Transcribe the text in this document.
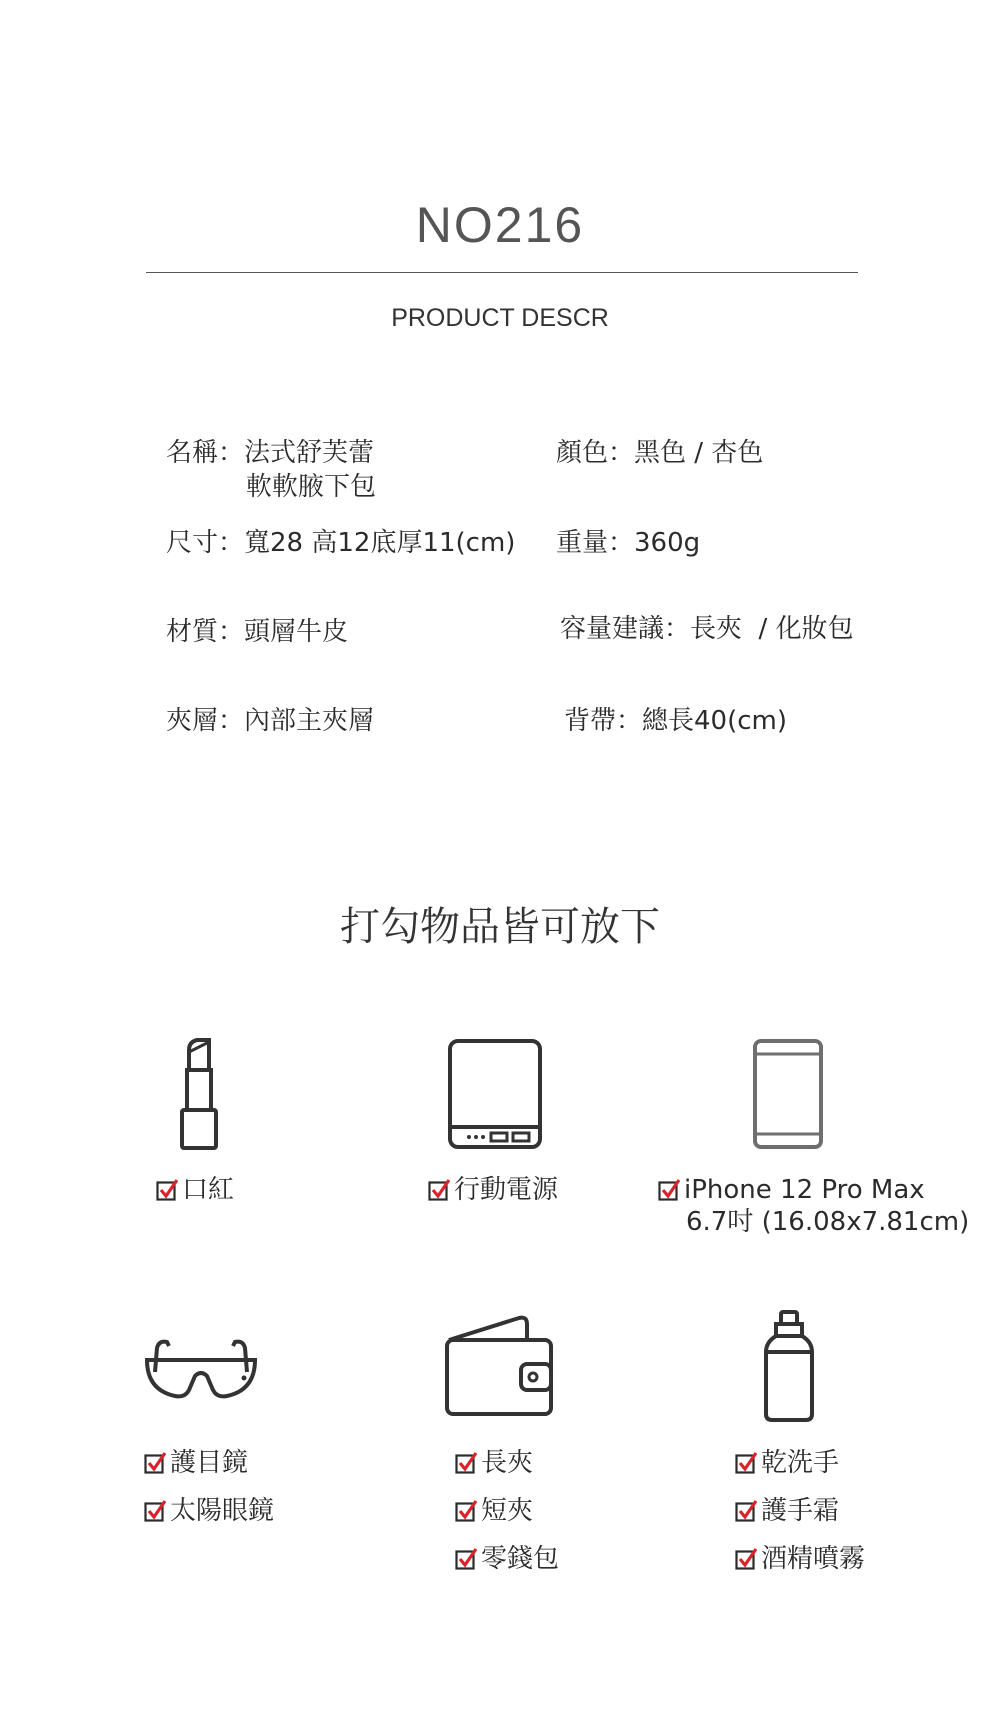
NO216
PRODUCT DESCR
名稱：法式舒芙蕾
軟軟腋下包
顏色：黑色 / 杏色
尺寸：寬28 高12底厚11(cm) 重量：360g
材質：頭層牛皮	容量建議：長夾  / 化妝包
夾層：內部主夾層	背帶：總長40(cm)
打勾物品皆可放下
口紅	行動電源	iPhone 12 Pro Max
6.7吋 (16.08x7.81cm)
護目鏡
太陽眼鏡
長夾
短夾
零錢包
乾洗手
護手霜
酒精噴霧
